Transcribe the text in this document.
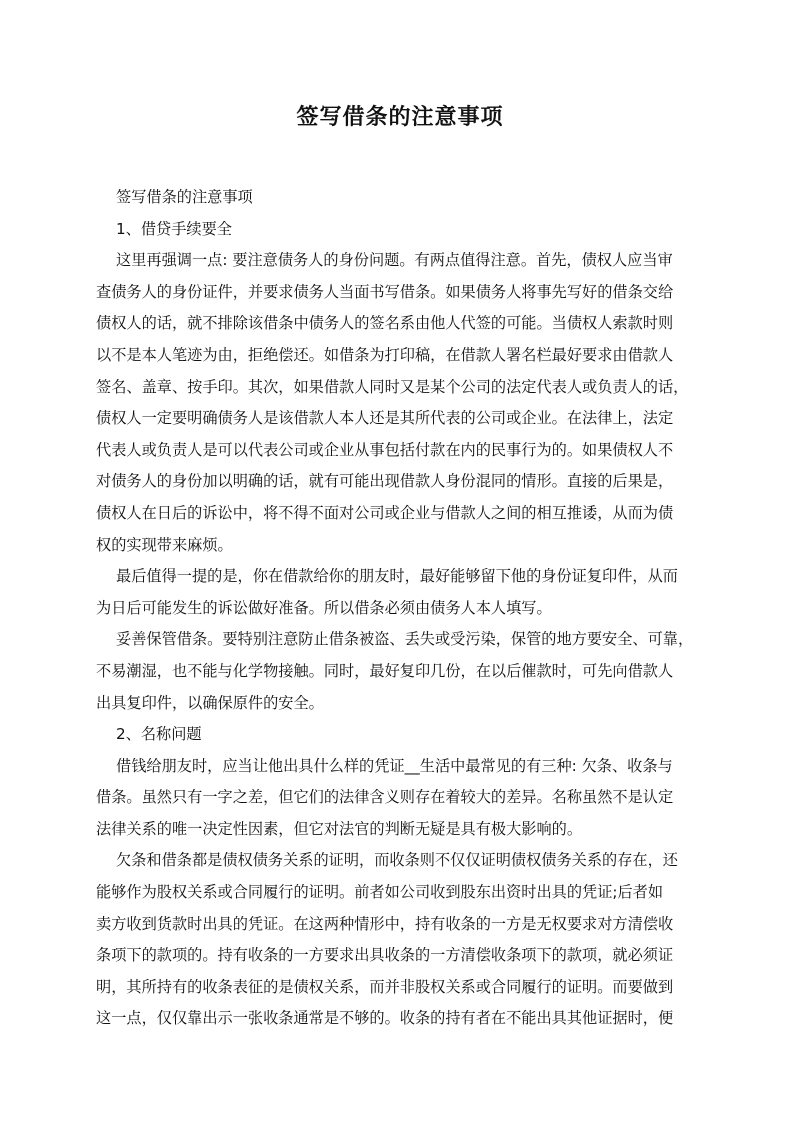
签写借条的注意事项
签写借条的注意事项
1、借贷手续要全
这里再强调一点: 要注意债务人的身份问题。有两点值得注意。首先，债权人应当审
查债务人的身份证件，并要求债务人当面书写借条。如果债务人将事先写好的借条交给
债权人的话，就不排除该借条中债务人的签名系由他人代签的可能。当债权人索款时则
以不是本人笔迹为由，拒绝偿还。如借条为打印稿，在借款人署名栏最好要求由借款人
签名、盖章、按手印。其次，如果借款人同时又是某个公司的法定代表人或负责人的话，
债权人一定要明确债务人是该借款人本人还是其所代表的公司或企业。在法律上，法定
代表人或负责人是可以代表公司或企业从事包括付款在内的民事行为的。如果债权人不
对债务人的身份加以明确的话，就有可能出现借款人身份混同的情形。直接的后果是，
债权人在日后的诉讼中，将不得不面对公司或企业与借款人之间的相互推诿，从而为债
权的实现带来麻烦。
最后值得一提的是，你在借款给你的朋友时，最好能够留下他的身份证复印件，从而
为日后可能发生的诉讼做好准备。所以借条必须由债务人本人填写。
妥善保管借条。要特别注意防止借条被盗、丢失或受污染，保管的地方要安全、可靠，
不易潮湿，也不能与化学物接触。同时，最好复印几份，在以后催款时，可先向借款人
出具复印件，以确保原件的安全。
2、名称问题
借钱给朋友时，应当让他出具什么样的凭证__生活中最常见的有三种: 欠条、收条与
借条。虽然只有一字之差，但它们的法律含义则存在着较大的差异。名称虽然不是认定
法律关系的唯一决定性因素，但它对法官的判断无疑是具有极大影响的。
欠条和借条都是债权债务关系的证明，而收条则不仅仅证明债权债务关系的存在，还
能够作为股权关系或合同履行的证明。前者如公司收到股东出资时出具的凭证;后者如
卖方收到货款时出具的凭证。在这两种情形中，持有收条的一方是无权要求对方清偿收
条项下的款项的。持有收条的一方要求出具收条的一方清偿收条项下的款项，就必须证
明，其所持有的收条表征的是债权关系，而并非股权关系或合同履行的证明。而要做到
这一点，仅仅靠出示一张收条通常是不够的。收条的持有者在不能出具其他证据时，便
